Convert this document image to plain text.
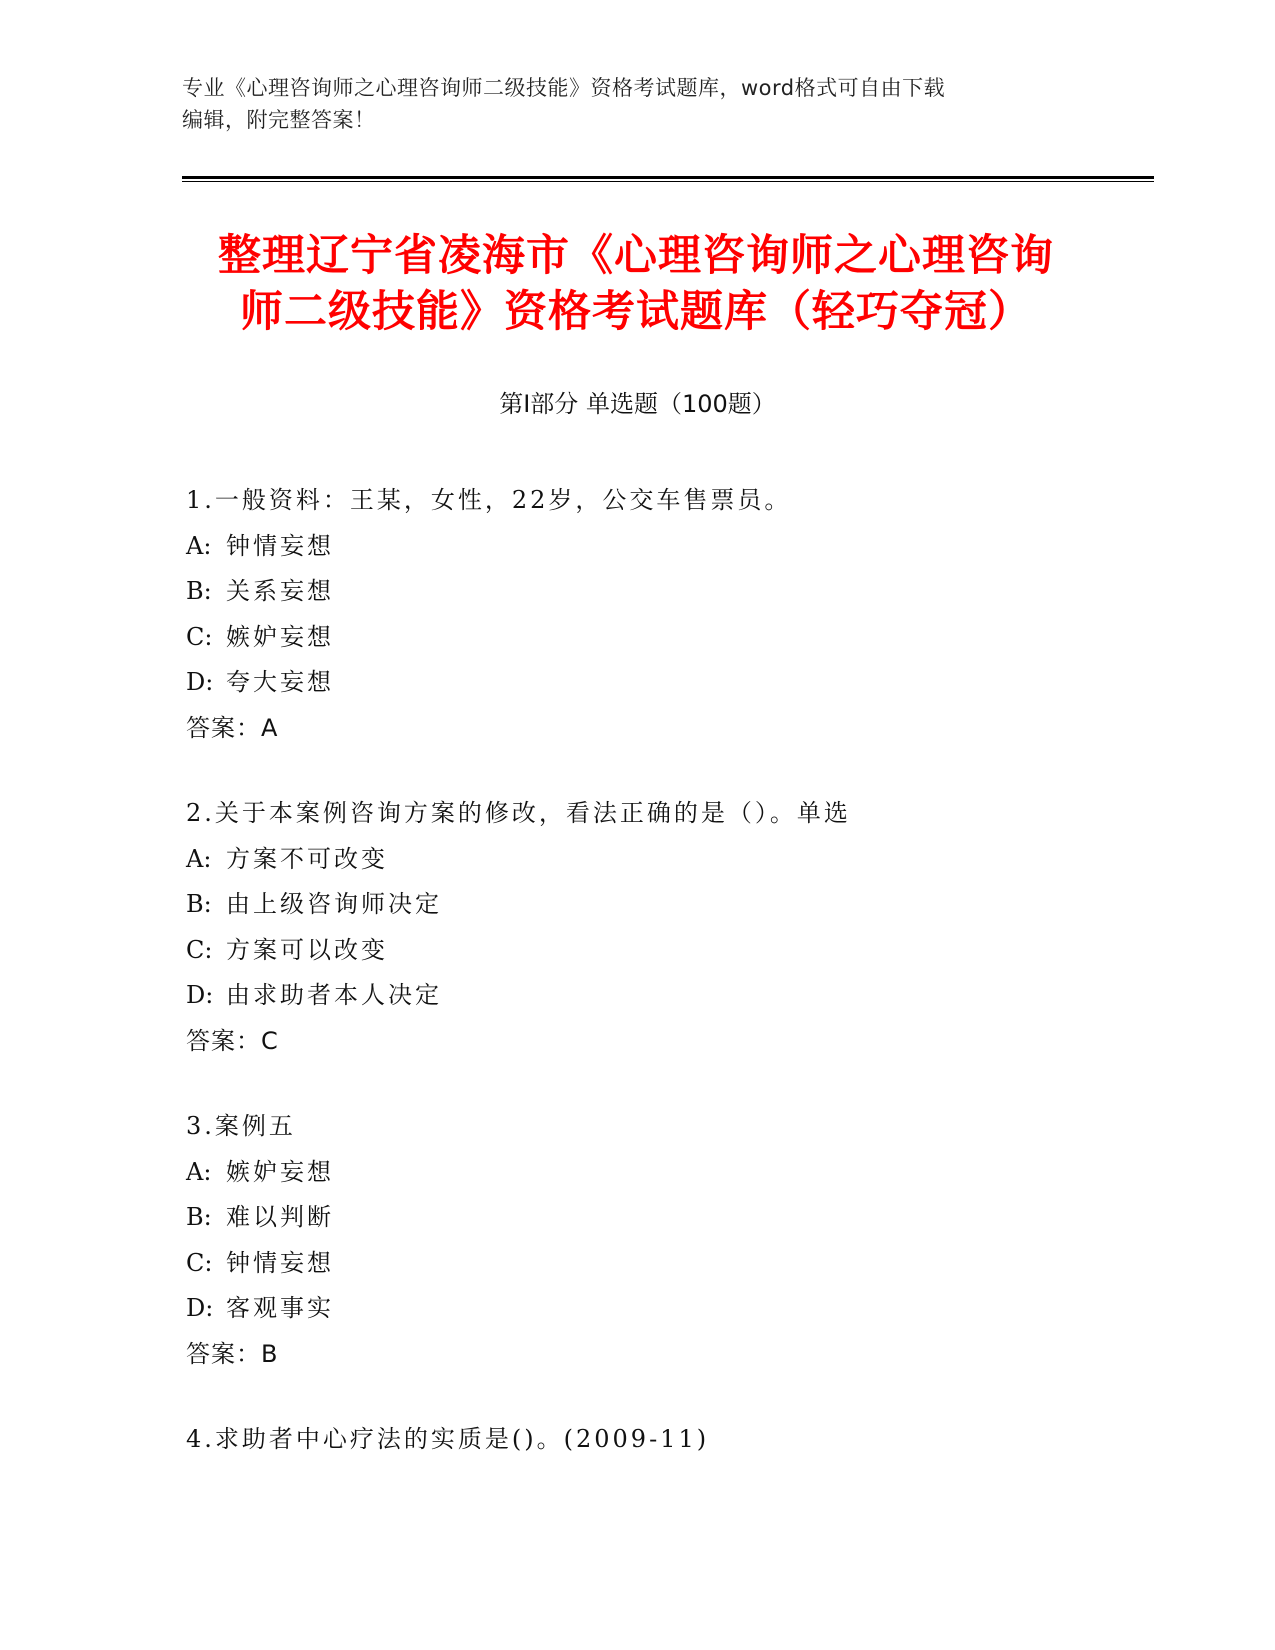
专业《心理咨询师之心理咨询师二级技能》资格考试题库，word格式可自由下载
编辑，附完整答案！
整理辽宁省凌海市《心理咨询师之心理咨询
师二级技能》资格考试题库（轻巧夺冠）
第Ⅰ部分 单选题（100题）
1.一般资料：王某，女性，22岁，公交车售票员。
A: 钟情妄想
B: 关系妄想
C: 嫉妒妄想
D: 夸大妄想
答案：A
2.关于本案例咨询方案的修改，看法正确的是（）。单选
A: 方案不可改变
B: 由上级咨询师决定
C: 方案可以改变
D: 由求助者本人决定
答案：C
3.案例五
A: 嫉妒妄想
B: 难以判断
C: 钟情妄想
D: 客观事实
答案：B
4.求助者中心疗法的实质是()。(2009-11)
